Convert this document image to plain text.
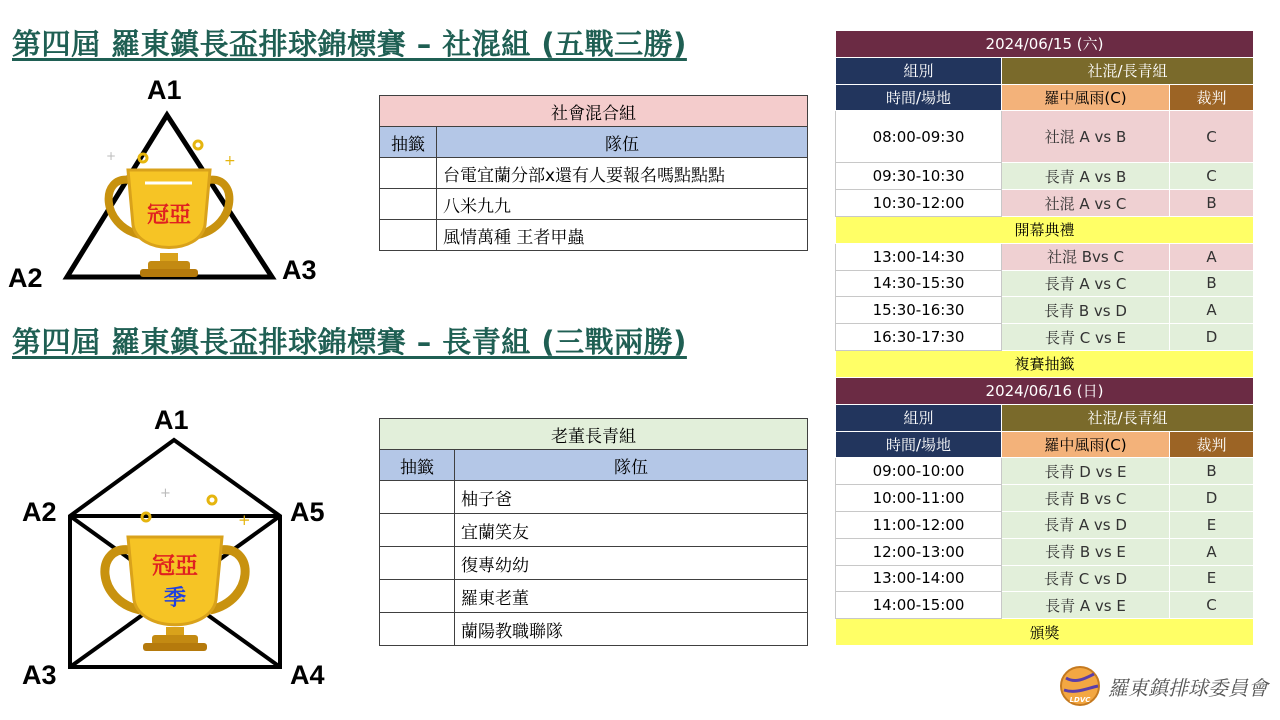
第四屆 羅東鎮長盃排球錦標賽 – 社混組 (五戰三勝)
第四屆 羅東鎮長盃排球錦標賽 – 長青組 (三戰兩勝)
+
+
冠亞
A1
A2	A3
+
+
冠亞
季
A1
A2	A5
A3	A4
社會混合組	
抽籤	隊伍
	台電宜蘭分部x還有人要報名嗎點點點
	八米九九
	風情萬種 王者甲蟲
老董長青組	
抽籤	隊伍
	柚子爸
	宜蘭笑友
	復專幼幼
	羅東老董
	蘭陽教職聯隊
2024/06/15 (六)		
組別	社混/長青組	
時間/場地	羅中風雨(C)	裁判
08:00-09:30	社混 A vs B	C
09:30-10:30	長青 A vs B	C
10:30-12:00	社混 A vs C	B
開幕典禮		
13:00-14:30	社混 Bvs C	A
14:30-15:30	長青 A vs C	B
15:30-16:30	長青 B vs D	A
16:30-17:30	長青 C vs E	D
複賽抽籤		
2024/06/16 (日)		
組別	社混/長青組	
時間/場地	羅中風雨(C)	裁判
09:00-10:00	長青 D vs E	B
10:00-11:00	長青 B vs C	D
11:00-12:00	長青 A vs D	E
12:00-13:00	長青 B vs E	A
13:00-14:00	長青 C vs D	E
14:00-15:00	長青 A vs E	C
頒獎		
LDVC
羅東鎮排球委員會
